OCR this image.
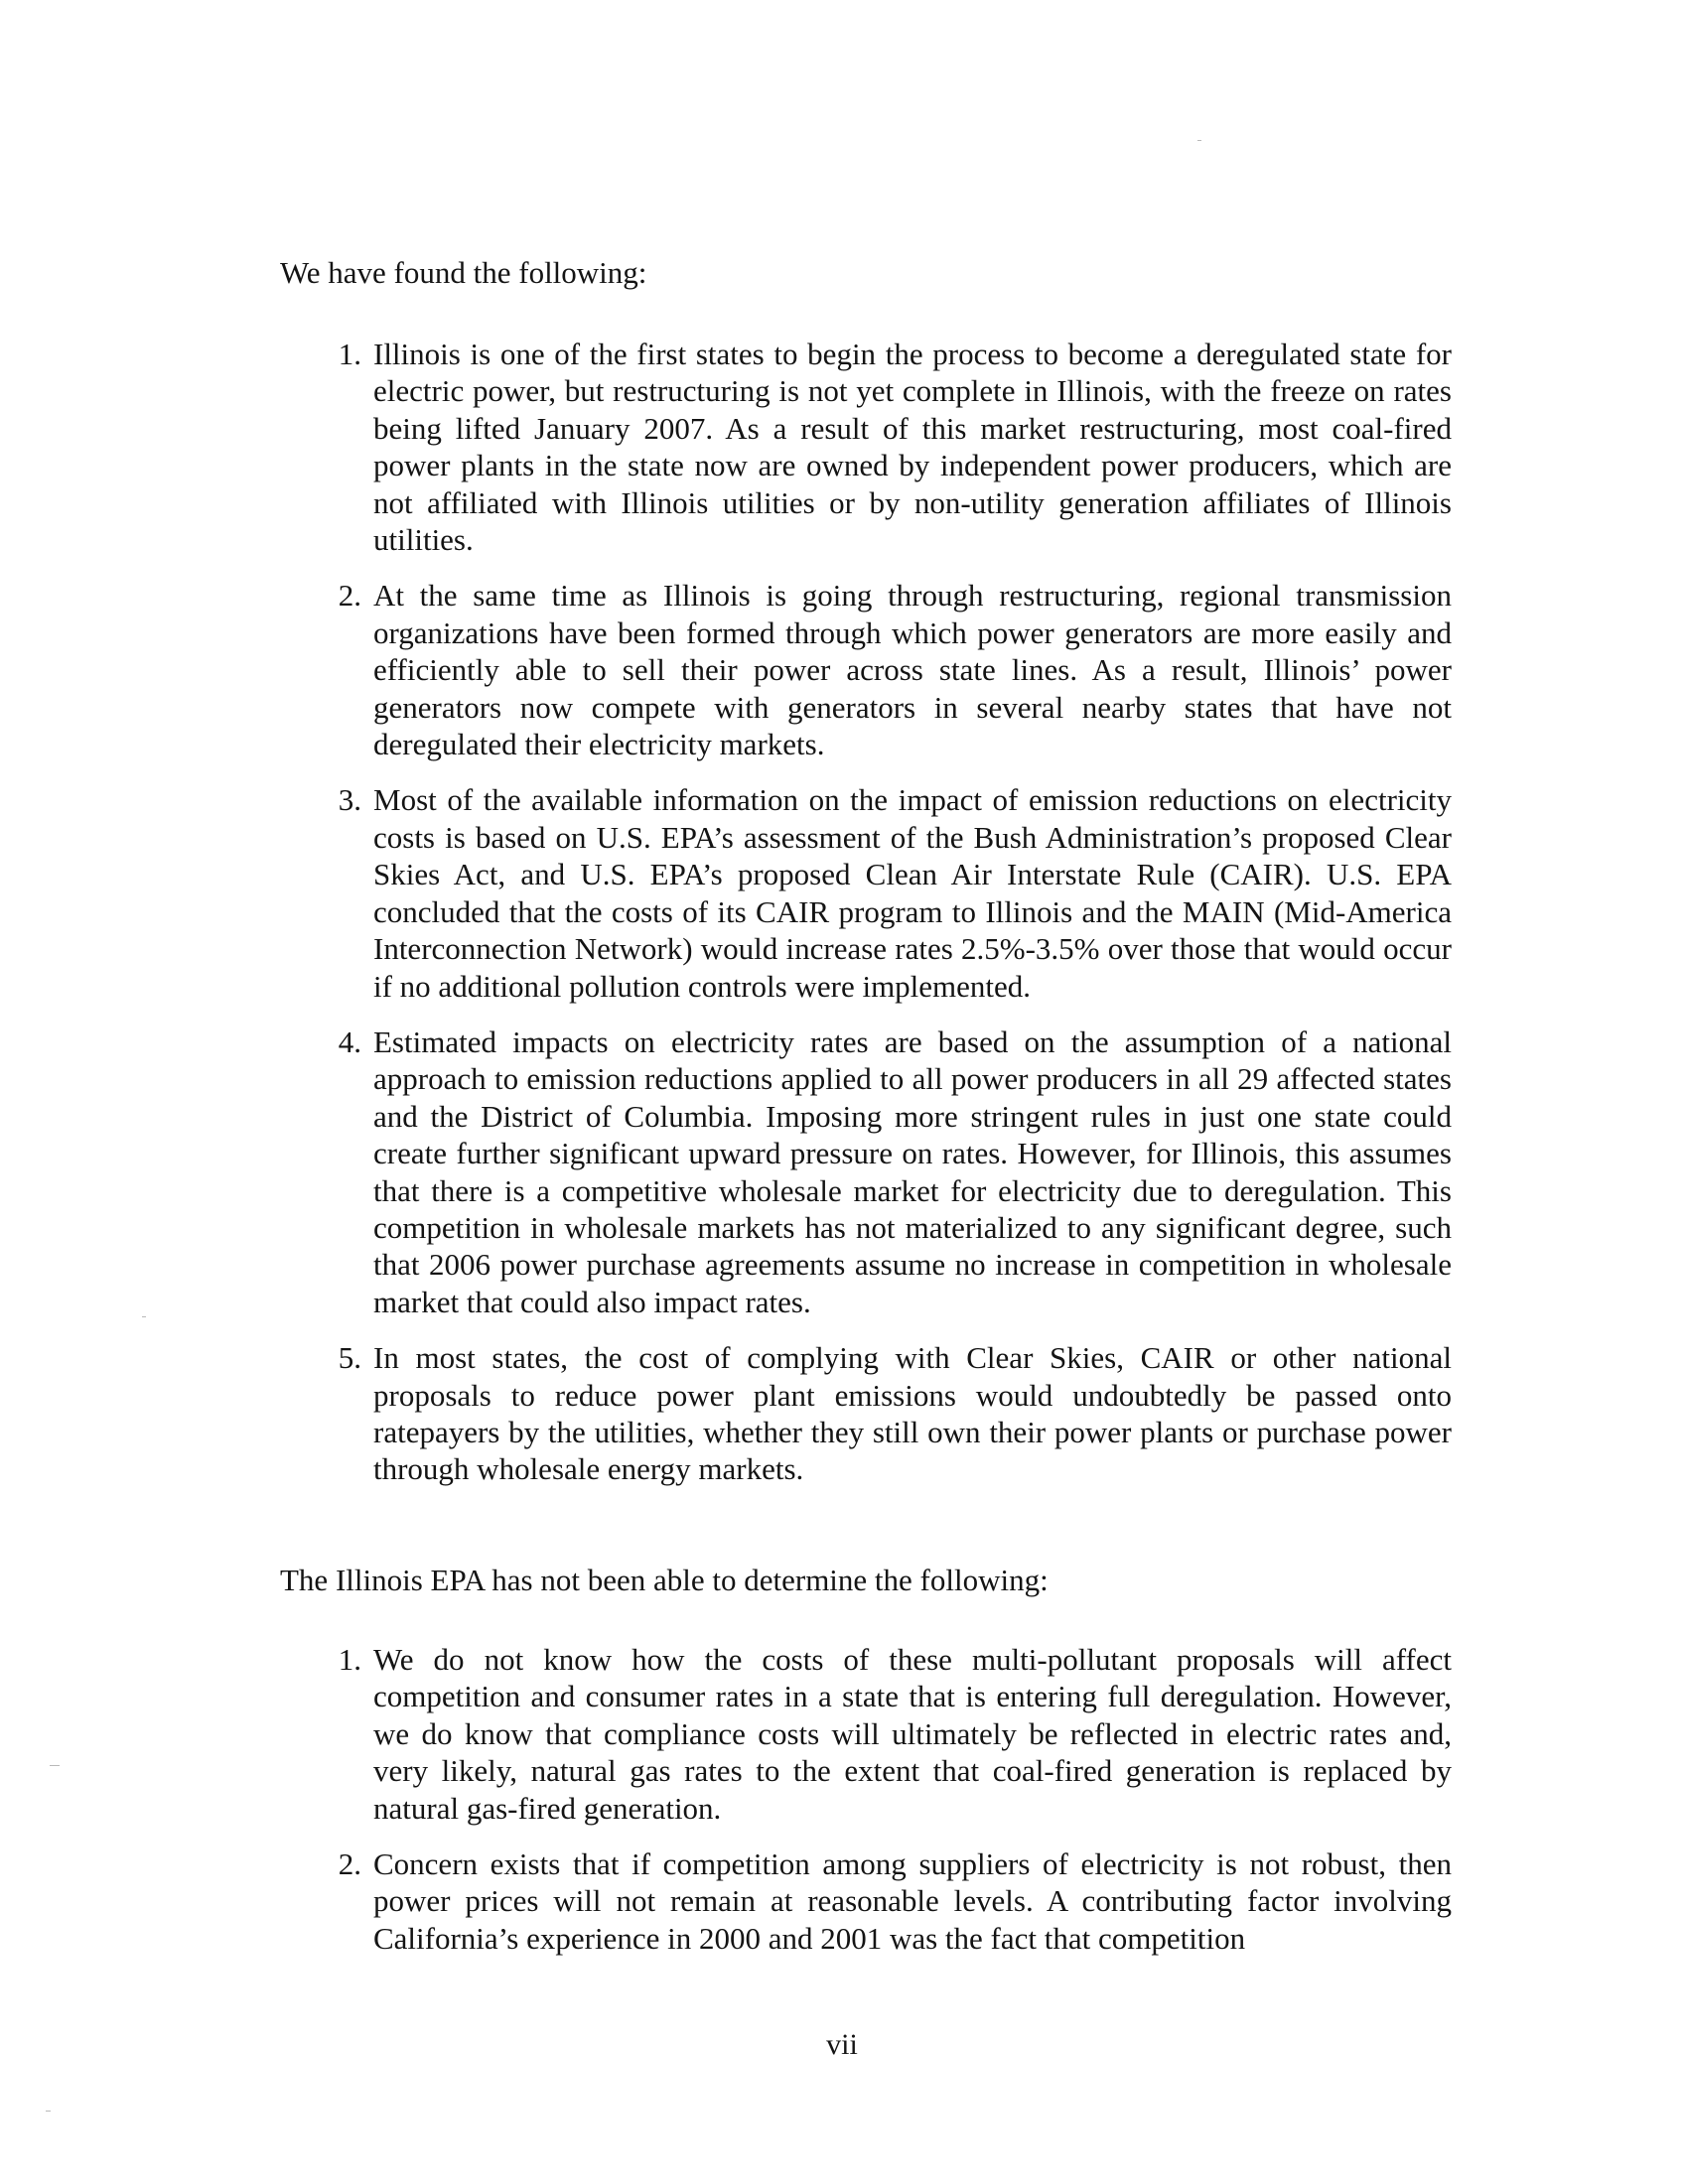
We have found the following:

1. Illinois is one of the first states to begin the process to become a deregulated state for electric power, but restructuring is not yet complete in Illinois, with the freeze on rates being lifted January 2007. As a result of this market restructuring, most coal-fired power plants in the state now are owned by independent power producers, which are not affiliated with Illinois utilities or by non-utility generation affiliates of Illinois utilities.
2. At the same time as Illinois is going through restructuring, regional transmission organizations have been formed through which power generators are more easily and efficiently able to sell their power across state lines. As a result, Illinois’ power generators now compete with generators in several nearby states that have not deregulated their electricity markets.
3. Most of the available information on the impact of emission reductions on electricity costs is based on U.S. EPA’s assessment of the Bush Administration’s proposed Clear Skies Act, and U.S. EPA’s proposed Clean Air Interstate Rule (CAIR). U.S. EPA concluded that the costs of its CAIR program to Illinois and the MAIN (Mid-America Interconnection Network) would increase rates 2.5%-3.5% over those that would occur if no additional pollution controls were implemented.
4. Estimated impacts on electricity rates are based on the assumption of a national approach to emission reductions applied to all power producers in all 29 affected states and the District of Columbia. Imposing more stringent rules in just one state could create further significant upward pressure on rates. However, for Illinois, this assumes that there is a competitive wholesale market for electricity due to deregulation. This competition in wholesale markets has not materialized to any significant degree, such that 2006 power purchase agreements assume no increase in competition in wholesale market that could also impact rates.
5. In most states, the cost of complying with Clear Skies, CAIR or other national proposals to reduce power plant emissions would undoubtedly be passed onto ratepayers by the utilities, whether they still own their power plants or purchase power through wholesale energy markets.

The Illinois EPA has not been able to determine the following:

1. We do not know how the costs of these multi-pollutant proposals will affect competition and consumer rates in a state that is entering full deregulation. However, we do know that compliance costs will ultimately be reflected in electric rates and, very likely, natural gas rates to the extent that coal-fired generation is replaced by natural gas-fired generation.
2. Concern exists that if competition among suppliers of electricity is not robust, then power prices will not remain at reasonable levels. A contributing factor involving California’s experience in 2000 and 2001 was the fact that competition

vii
